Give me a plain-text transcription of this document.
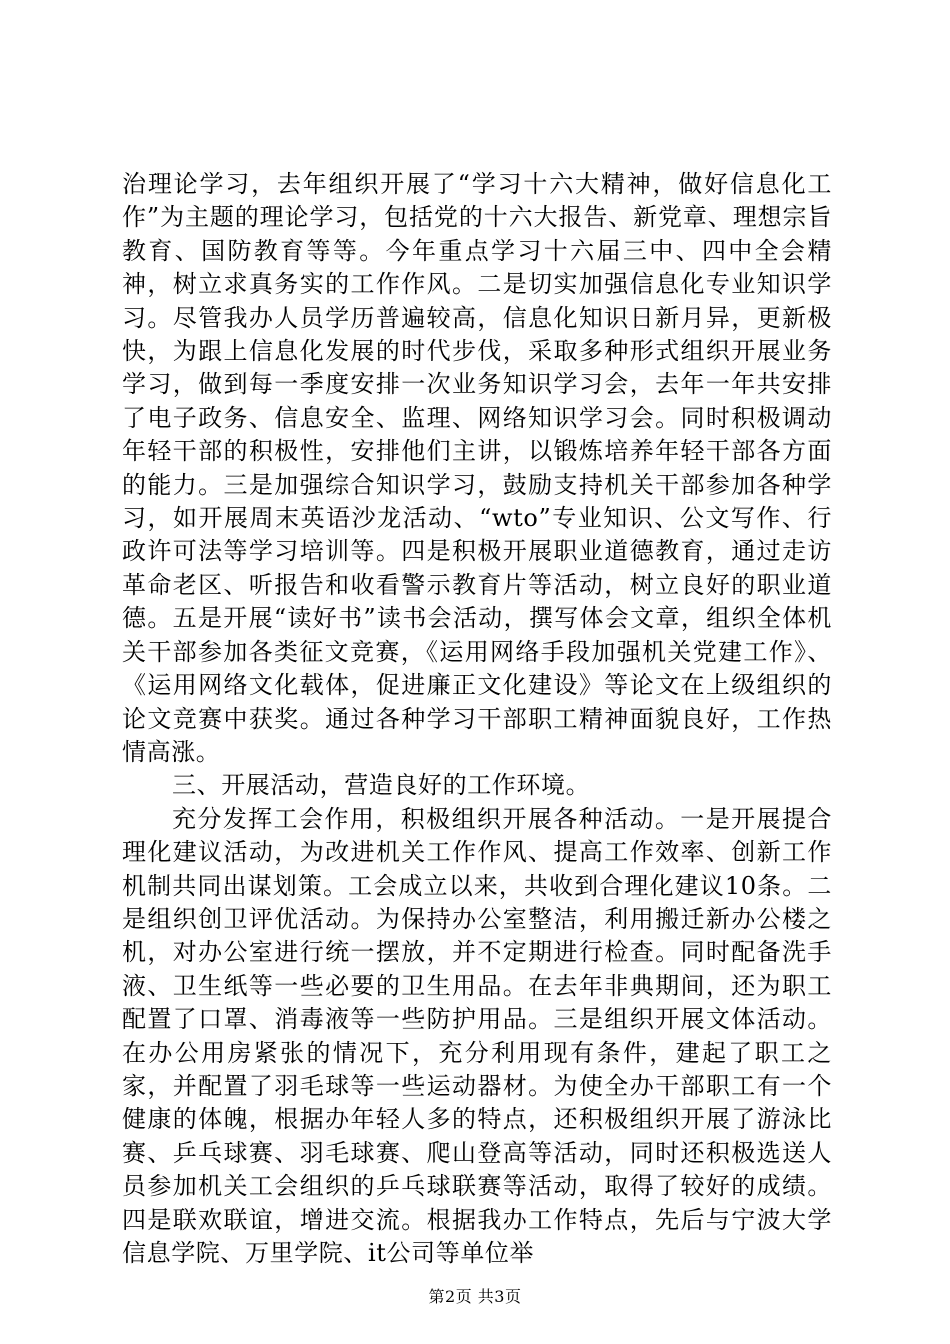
治理论学习，去年组织开展了“学习十六大精神，做好信息化工作”为主题的理论学习，包括党的十六大报告、新党章、理想宗旨教育、国防教育等等。今年重点学习十六届三中、四中全会精神，树立求真务实的工作作风。二是切实加强信息化专业知识学习。尽管我办人员学历普遍较高，信息化知识日新月异，更新极快，为跟上信息化发展的时代步伐，采取多种形式组织开展业务学习，做到每一季度安排一次业务知识学习会，去年一年共安排了电子政务、信息安全、监理、网络知识学习会。同时积极调动年轻干部的积极性，安排他们主讲，以锻炼培养年轻干部各方面的能力。三是加强综合知识学习，鼓励支持机关干部参加各种学习，如开展周末英语沙龙活动、“wto”专业知识、公文写作、行政许可法等学习培训等。四是积极开展职业道德教育，通过走访革命老区、听报告和收看警示教育片等活动，树立良好的职业道德。五是开展“读好书”读书会活动，撰写体会文章，组织全体机关干部参加各类征文竞赛，《运用网络手段加强机关党建工作》、《运用网络文化载体，促进廉正文化建设》等论文在上级组织的论文竞赛中获奖。通过各种学习干部职工精神面貌良好，工作热情高涨。

三、开展活动，营造良好的工作环境。

充分发挥工会作用，积极组织开展各种活动。一是开展提合理化建议活动，为改进机关工作作风、提高工作效率、创新工作机制共同出谋划策。工会成立以来，共收到合理化建议10条。二是组织创卫评优活动。为保持办公室整洁，利用搬迁新办公楼之机，对办公室进行统一摆放，并不定期进行检查。同时配备洗手液、卫生纸等一些必要的卫生用品。在去年非典期间，还为职工配置了口罩、消毒液等一些防护用品。三是组织开展文体活动。在办公用房紧张的情况下，充分利用现有条件，建起了职工之家，并配置了羽毛球等一些运动器材。为使全办干部职工有一个健康的体魄，根据办年轻人多的特点，还积极组织开展了游泳比赛、乒乓球赛、羽毛球赛、爬山登高等活动，同时还积极选送人员参加机关工会组织的乒乓球联赛等活动，取得了较好的成绩。四是联欢联谊，增进交流。根据我办工作特点，先后与宁波大学信息学院、万里学院、it公司等单位举

第2页 共3页
